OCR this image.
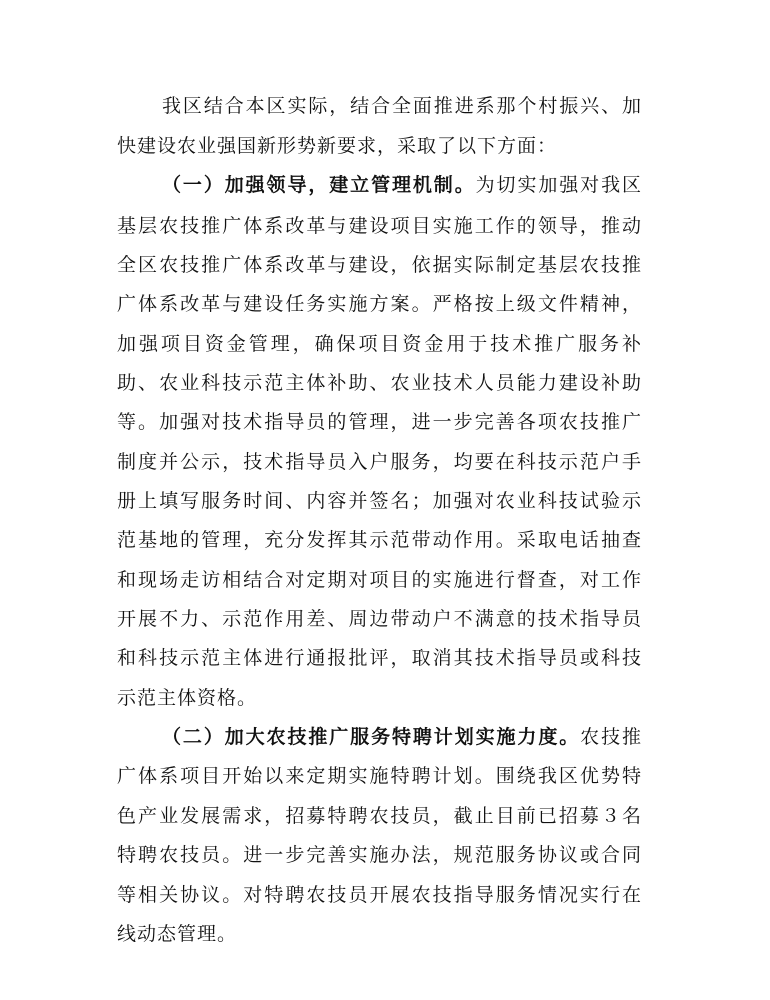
我区结合本区实际，结合全面推进系那个村振兴、加
快建设农业强国新形势新要求，采取了以下方面：
（一）加强领导，建立管理机制。为切实加强对我区
基层农技推广体系改革与建设项目实施工作的领导，推动
全区农技推广体系改革与建设，依据实际制定基层农技推
广体系改革与建设任务实施方案。严格按上级文件精神，
加强项目资金管理，确保项目资金用于技术推广服务补
助、农业科技示范主体补助、农业技术人员能力建设补助
等。加强对技术指导员的管理，进一步完善各项农技推广
制度并公示，技术指导员入户服务，均要在科技示范户手
册上填写服务时间、内容并签名；加强对农业科技试验示
范基地的管理，充分发挥其示范带动作用。采取电话抽查
和现场走访相结合对定期对项目的实施进行督查，对工作
开展不力、示范作用差、周边带动户不满意的技术指导员
和科技示范主体进行通报批评，取消其技术指导员或科技
示范主体资格。
（二）加大农技推广服务特聘计划实施力度。农技推
广体系项目开始以来定期实施特聘计划。围绕我区优势特
色产业发展需求，招募特聘农技员，截止目前已招募３名
特聘农技员。进一步完善实施办法，规范服务协议或合同
等相关协议。对特聘农技员开展农技指导服务情况实行在
线动态管理。
